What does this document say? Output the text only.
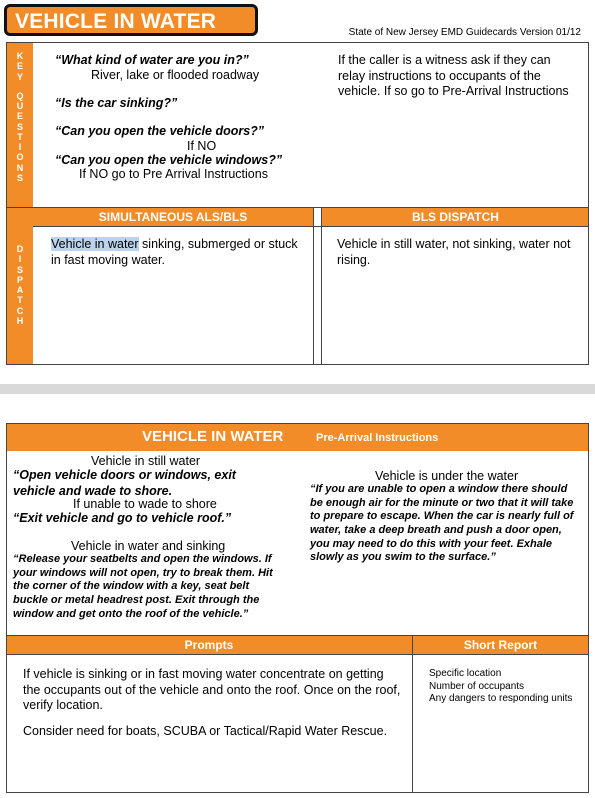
VEHICLE IN WATER	State of New Jersey EMD Guidecards Version 01/12
K
E
Y
Q
U
E
S
T
I
O
N
S
“What kind of water are you in?”
River, lake or flooded roadway
“Is the car sinking?”
“Can you open the vehicle doors?”
If NO
“Can you open the vehicle windows?”
If NO go to Pre Arrival Instructions
If the caller is a witness ask if they can relay instructions to occupants of the vehicle. If so go to Pre-Arrival Instructions
D
I
S
P
A
T
C
H
SIMULTANEOUS ALS/BLS	BLS DISPATCH
Vehicle in water sinking, submerged or stuck in fast moving water.
Vehicle in still water, not sinking, water not rising.
VEHICLE IN WATER	Pre-Arrival Instructions
Vehicle in still water
“Open vehicle doors or windows, exit vehicle and wade to shore.
If unable to wade to shore
“Exit vehicle and go to vehicle roof.”
Vehicle in water and sinking
“Release your seatbelts and open the windows. If your windows will not open, try to break them. Hit the corner of the window with a key, seat belt buckle or metal headrest post. Exit through the window and get onto the roof of the vehicle.”
Vehicle is under the water
“If you are unable to open a window there should be enough air for the minute or two that it will take to prepare to escape. When the car is nearly full of water, take a deep breath and push a door open, you may need to do this with your feet. Exhale slowly as you swim to the surface.”
Prompts	Short Report
If vehicle is sinking or in fast moving water concentrate on getting the occupants out of the vehicle and onto the roof. Once on the roof, verify location.
Consider need for boats, SCUBA or Tactical/Rapid Water Rescue.
Specific location
Number of occupants
Any dangers to responding units
